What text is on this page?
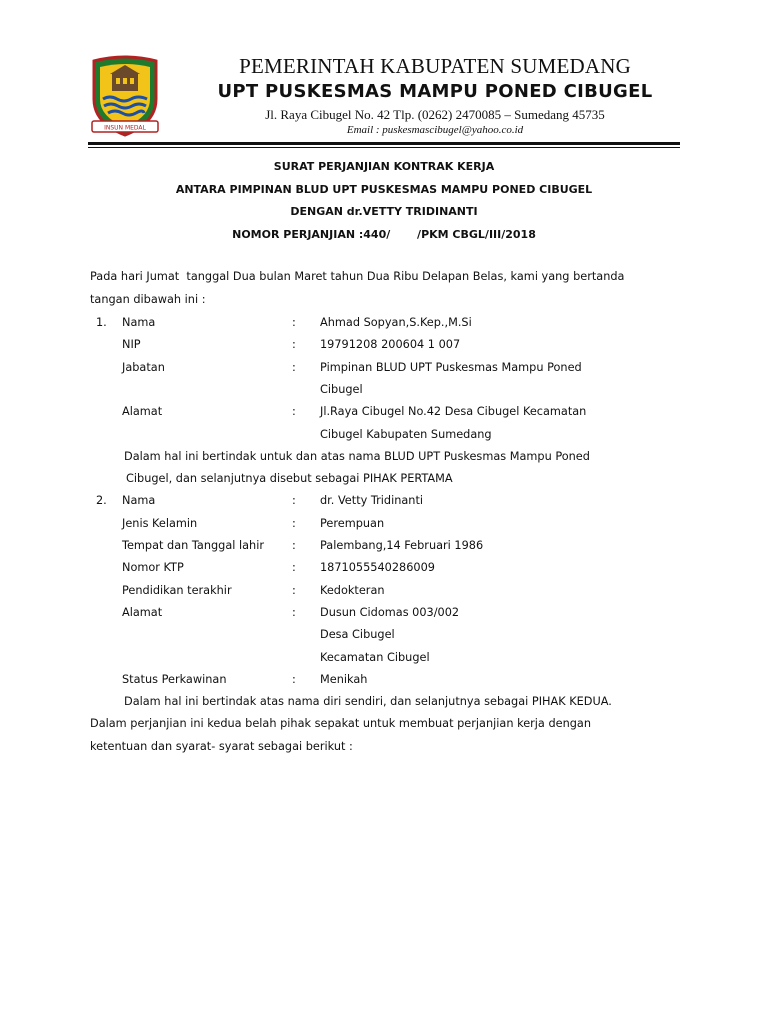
INSUN MEDAL
PEMERINTAH KABUPATEN SUMEDANG
UPT PUSKESMAS MAMPU PONED CIBUGEL
Jl. Raya Cibugel No. 42 Tlp. (0262) 2470085 – Sumedang 45735
Email : puskesmascibugel@yahoo.co.id
SURAT PERJANJIAN KONTRAK KERJA
ANTARA PIMPINAN BLUD UPT PUSKESMAS MAMPU PONED CIBUGEL
DENGAN dr.VETTY TRIDINANTI
NOMOR PERJANJIAN :440/       /PKM CBGL/III/2018
Pada hari Jumat  tanggal Dua bulan Maret tahun Dua Ribu Delapan Belas, kami yang bertanda
tangan dibawah ini :
1. Nama	: Ahmad Sopyan,S.Kep.,M.Si
NIP	: 19791208 200604 1 007
Jabatan	: Pimpinan BLUD UPT Puskesmas Mampu Poned
Cibugel
Alamat	: Jl.Raya Cibugel No.42 Desa Cibugel Kecamatan
Cibugel Kabupaten Sumedang
Dalam hal ini bertindak untuk dan atas nama BLUD UPT Puskesmas Mampu Poned
Cibugel, dan selanjutnya disebut sebagai PIHAK PERTAMA
2. Nama	: dr. Vetty Tridinanti
Jenis Kelamin	: Perempuan
Tempat dan Tanggal lahir : Palembang,14 Februari 1986
Nomor KTP	: 1871055540286009
Pendidikan terakhir	: Kedokteran
Alamat	: Dusun Cidomas 003/002
Desa Cibugel
Kecamatan Cibugel
Status Perkawinan	: Menikah
Dalam hal ini bertindak atas nama diri sendiri, dan selanjutnya sebagai PIHAK KEDUA.
Dalam perjanjian ini kedua belah pihak sepakat untuk membuat perjanjian kerja dengan
ketentuan dan syarat- syarat sebagai berikut :
